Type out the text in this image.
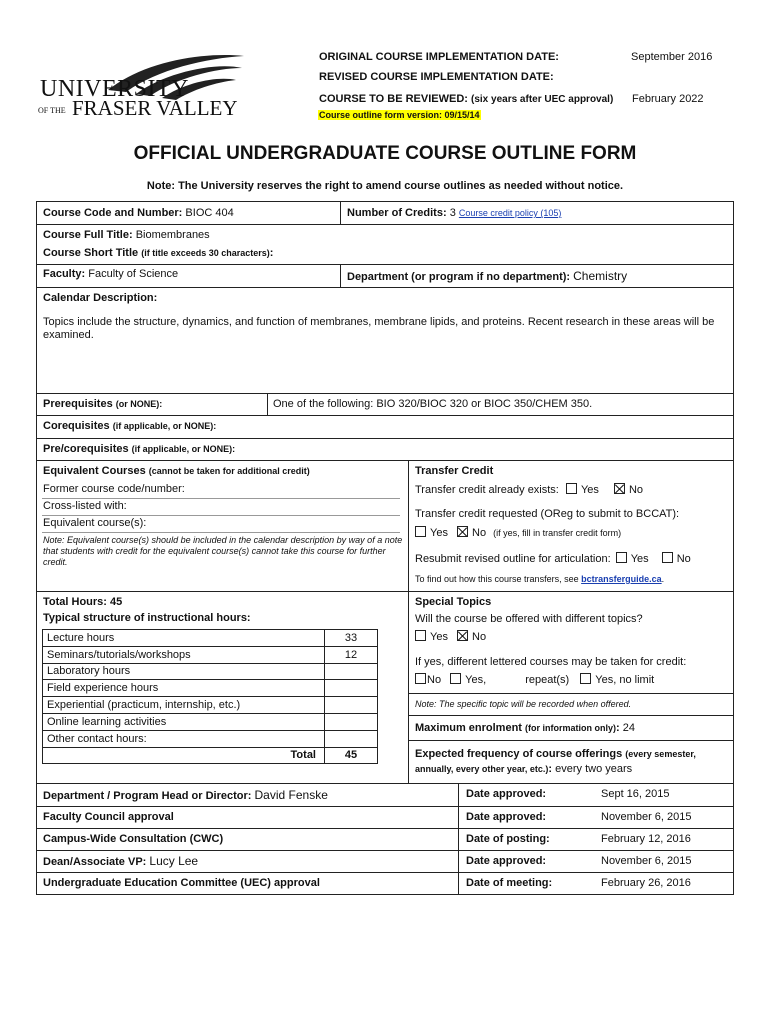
UNIVERSITY
OF THE FRASER VALLEY
ORIGINAL COURSE IMPLEMENTATION DATE:	September 2016
REVISED COURSE IMPLEMENTATION DATE:
COURSE TO BE REVIEWED: (six years after UEC approval) February 2022
Course outline form version: 09/15/14
OFFICIAL UNDERGRADUATE COURSE OUTLINE FORM
Note: The University reserves the right to amend course outlines as needed without notice.
Course Code and Number: BIOC 404	Number of Credits: 3 Course credit policy (105)
Course Full Title: Biomembranes
Course Short Title (if title exceeds 30 characters):
Faculty: Faculty of Science	Department (or program if no department): Chemistry
Calendar Description:
Topics include the structure, dynamics, and function of membranes, membrane lipids, and proteins. Recent research in these areas will be examined.
Prerequisites (or NONE):	One of the following: BIO 320/BIOC 320 or BIOC 350/CHEM 350.
Corequisites (if applicable, or NONE):
Pre/corequisites (if applicable, or NONE):
Equivalent Courses (cannot be taken for additional credit)
Former course code/number:
Cross-listed with:
Equivalent course(s):
Note: Equivalent course(s) should be included in the calendar description by way of a note that students with credit for the equivalent course(s) cannot take this course for further credit.
Transfer Credit
Transfer credit already exists: Yes	No
Transfer credit requested (OReg to submit to BCCAT):
Yes No (if yes, fill in transfer credit form)
Resubmit revised outline for articulation: Yes	No
To find out how this course transfers, see bctransferguide.ca.
Total Hours: 45
Typical structure of instructional hours:
Lecture hours	33
Seminars/tutorials/workshops	12
Laboratory hours	
Field experience hours	
Experiential (practicum, internship, etc.)	
Online learning activities	
Other contact hours:	
Total	45
Special Topics
Will the course be offered with different topics?
Yes No
If yes, different lettered courses may be taken for credit:
No Yes,	repeat(s) Yes, no limit
Note: The specific topic will be recorded when offered.
Maximum enrolment (for information only): 24
Expected frequency of course offerings (every semester, annually, every other year, etc.): every two years
Department / Program Head or Director: David Fenske	Date approved:	Sept 16, 2015
Faculty Council approval	Date approved:	November 6, 2015
Campus-Wide Consultation (CWC)	Date of posting:	February 12, 2016
Dean/Associate VP: Lucy Lee	Date approved:	November 6, 2015
Undergraduate Education Committee (UEC) approval	Date of meeting:	February 26, 2016
